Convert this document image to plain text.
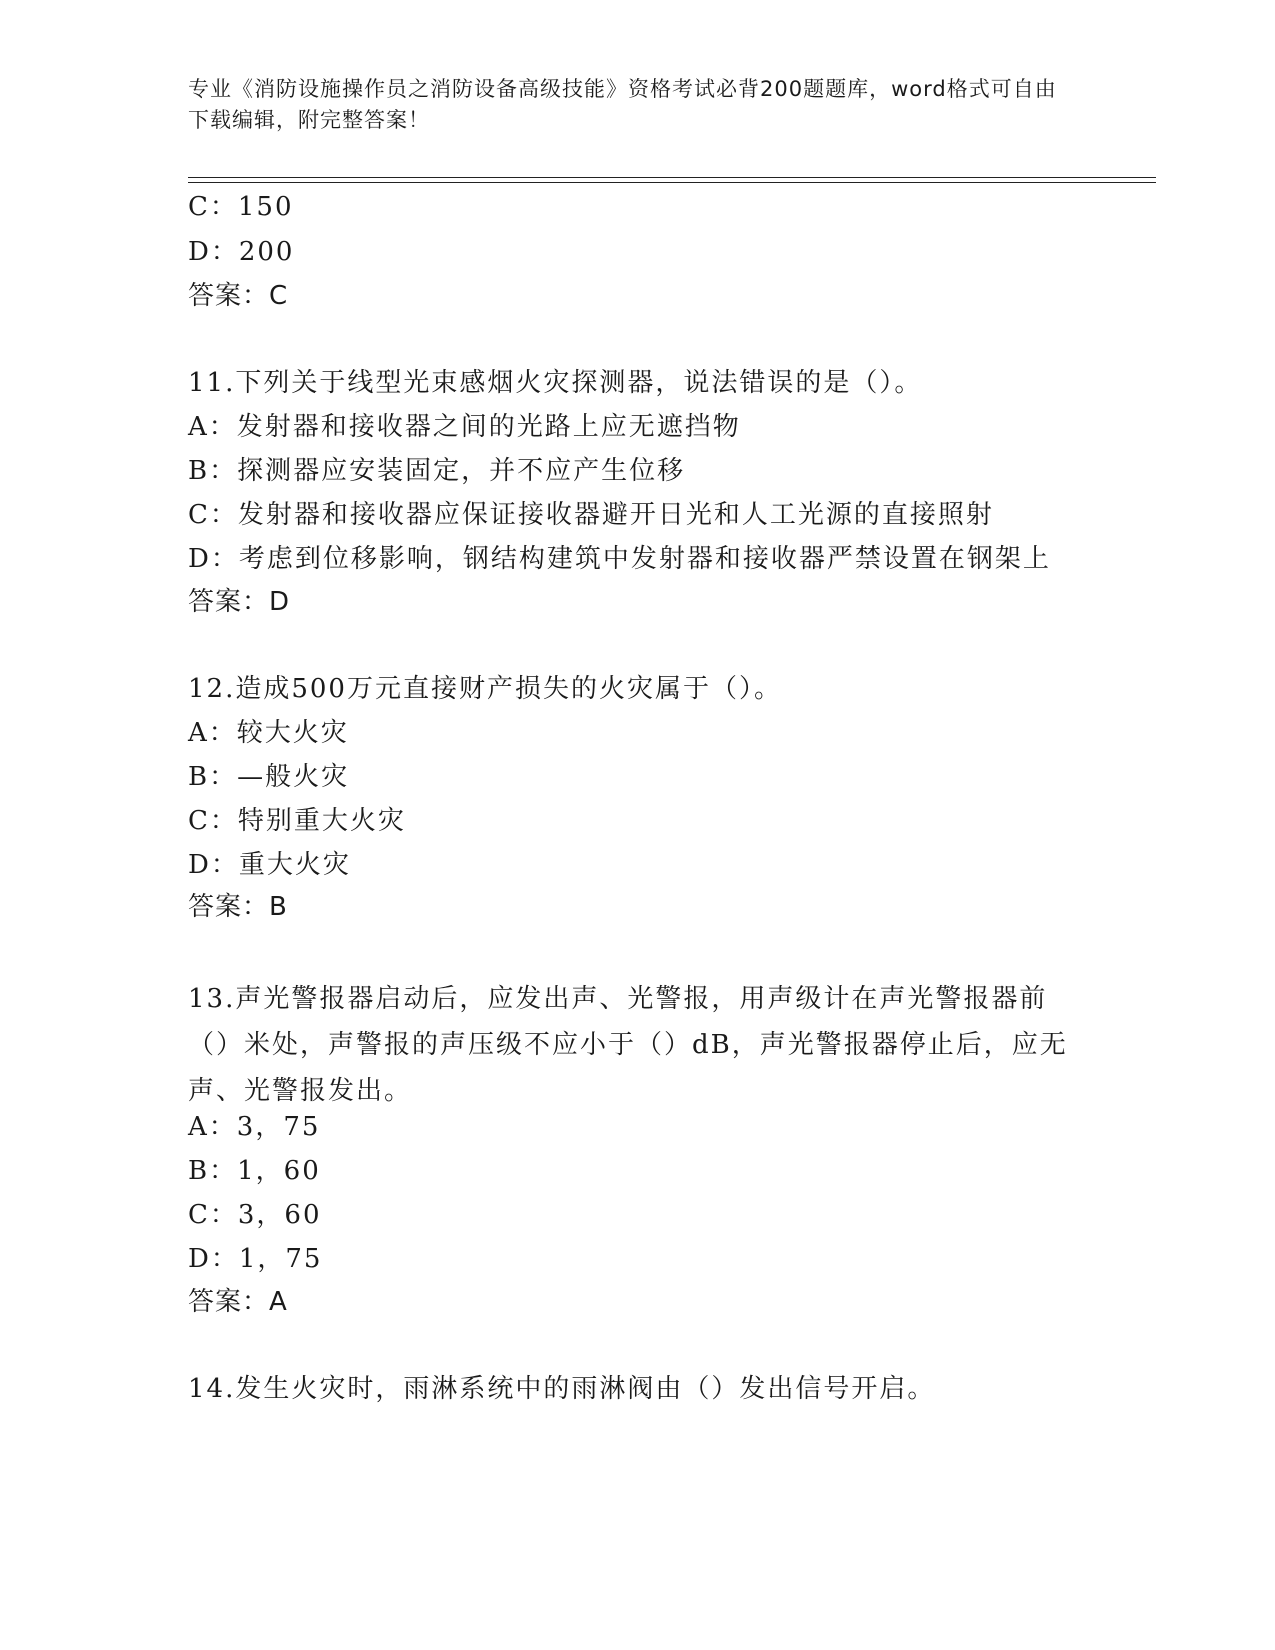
专业《消防设施操作员之消防设备高级技能》资格考试必背200题题库，word格式可自由下载编辑，附完整答案！
C：150
D：200
答案：C
11.下列关于线型光束感烟火灾探测器，说法错误的是（）。
A：发射器和接收器之间的光路上应无遮挡物
B：探测器应安装固定，并不应产生位移
C：发射器和接收器应保证接收器避开日光和人工光源的直接照射
D：考虑到位移影响，钢结构建筑中发射器和接收器严禁设置在钢架上
答案：D
12.造成500万元直接财产损失的火灾属于（）。
A：较大火灾
B：—般火灾
C：特别重大火灾
D：重大火灾
答案：B
13.声光警报器启动后，应发出声、光警报，用声级计在声光警报器前（）米处，声警报的声压级不应小于（）dB，声光警报器停止后，应无声、光警报发出。
A：3，75
B：1，60
C：3，60
D：1，75
答案：A
14.发生火灾时，雨淋系统中的雨淋阀由（）发出信号开启。
